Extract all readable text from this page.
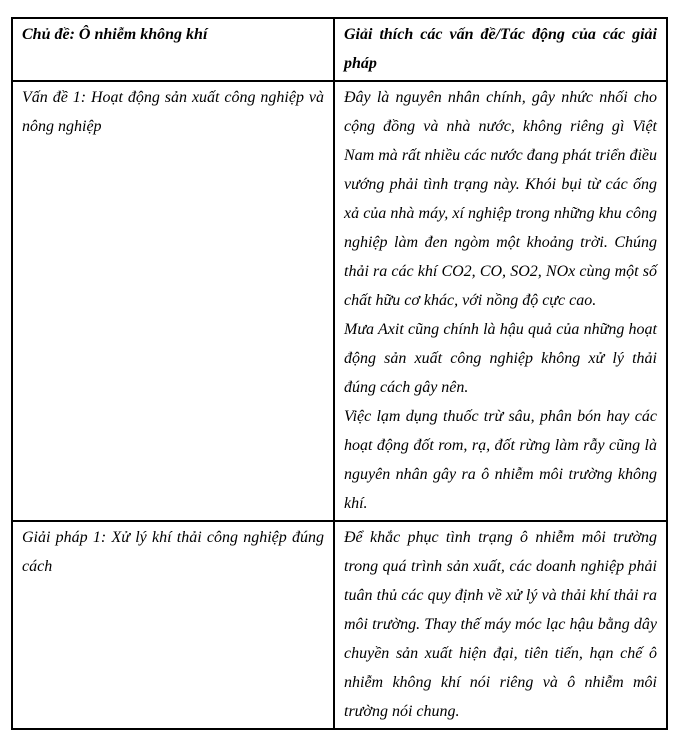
Chủ đề: Ô nhiễm không khí	Giải thích các vấn đề/Tác động của các giải pháp

Vấn đề 1: Hoạt động sản xuất công nghiệp và nông nghiệp	Đây là nguyên nhân chính, gây nhức nhối cho cộng đồng và nhà nước, không riêng gì Việt Nam mà rất nhiều các nước đang phát triển điều vướng phải tình trạng này. Khói bụi từ các ống xả của nhà máy, xí nghiệp trong những khu công nghiệp làm đen ngòm một khoảng trời. Chúng thải ra các khí CO2, CO, SO2, NOx cùng một số chất hữu cơ khác, với nồng độ cực cao.

Mưa Axit cũng chính là hậu quả của những hoạt động sản xuất công nghiệp không xử lý thải đúng cách gây nên.

Việc lạm dụng thuốc trừ sâu, phân bón hay các hoạt động đốt rom, rạ, đốt rừng làm rẫy cũng là nguyên nhân gây ra ô nhiễm môi trường không khí.

Giải pháp 1: Xử lý khí thải công nghiệp đúng cách	Để khắc phục tình trạng ô nhiễm môi trường trong quá trình sản xuất, các doanh nghiệp phải tuân thủ các quy định về xử lý và thải khí thải ra môi trường. Thay thế máy móc lạc hậu bằng dây chuyền sản xuất hiện đại, tiên tiến, hạn chế ô nhiễm không khí nói riêng và ô nhiễm môi trường nói chung.
